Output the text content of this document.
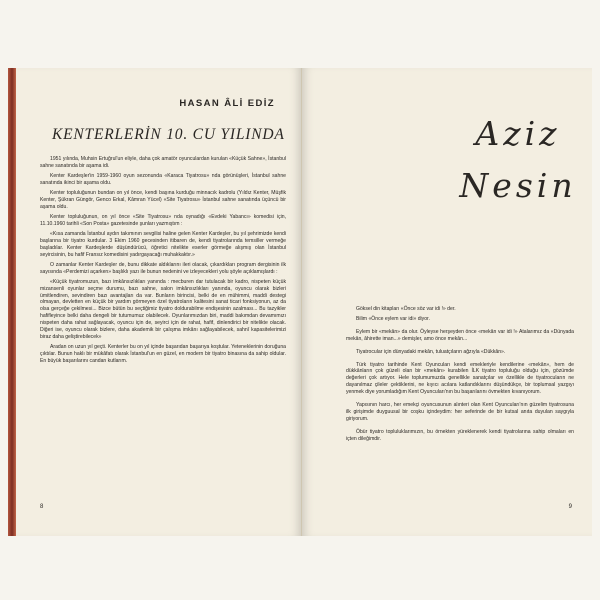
HASAN ÂLİ EDİZ
KENTERLERİN 10. CU YILINDA

1951 yılında, Muhsin Ertuğrul'un eliyle, daha çok amatör oyunculardan kurulan «Küçük Sahne», İstanbul sahne sanatında bir aşama idi.

Kenter Kardeşler'in 1959-1960 oyun sezonunda «Karaca Tiyatrosu» nda görünüşleri, İstanbul sahne sanatında ikinci bir aşama oldu.

Kenter topluluğunun bundan on yıl önce, kendi başına kurduğu minnacık kadrolu (Yıldız Kenter, Müşfik Kenter, Şükran Güngör, Genco Erkal, Kâmran Yücel) «Site Tiyatrosu» İstanbul sahne sanatında üçüncü bir aşama oldu.

Kenter topluluğunun, on yıl önce «Site Tiyatrosu» nda oynadığı «Evdeki Yabancı» komedisi için, 11.10.1960 tarihli «Son Posta» gazetesinde şunları yazmıştım :

«Kısa zamanda İstanbul aydın takımının sevgilisi haline gelen Kenter Kardeşler, bu yıl şehrimizde kendi başlarına bir tiyatro kurdular. 3 Ekim 1960 gecesinden itibaren de, kendi tiyatrolarında temsiller vermeğe başladılar. Kenter Kardeşlerde düşündürücü, öğretici nitelikte eserler görmeğe alışmış olan İstanbul seyircisinin, bu hafif Fransız komedisini yadırgayacağı muhakkaktır.»

O zamanlar Kenter Kardeşler de, bunu dikkate aldıklarını ileri olacak, çıkardıkları program dergisinin ilk sayısında «Perdemizi açarken» başlıklı yazı ile bunun nedenini ve izleyecekleri yolu şöyle açıklamışlardı :

«Küçük tiyatromuzun, bazı imkânsızlıkları yanında : mecburen dar tutulacak bir kadro, nispeten küçük mizansenli oyunlar seçme durumu, bazı sahne, salon imkânsızlıkları yanında, oyuncu olarak bizleri ümitlendiren, sevindiren bazı avantajları da var. Bunların birincisi, belki de en mühimmi, maddi destegi olmayan, devletten en küçük bir yardım görmeyen özel tiyatroların kalitesini sanat ticari fonksiyonun, az da olsa gerçeğe çekilmesi... Bizce bütün bu seçtiğimiz tiyatro doldurabilme endişesinin azalması... Bu tazyikler hafifleyince belki daha dengeli bir tutumumuz olabilecek. Oyunlarımızdan biri, maddi bakımdan devamımızı nispeten daha rahat sağlayacak, oyuncu için de, seyirci için de rahat, hafif, dinlendirici bir nitelikte olacak. Diğeri ise, oyuncu olarak bizlere, daha akademik bir çalışma imkânı sağlayabilecek, sahnî kapasitelerimizi biraz daha geliştirebilecek»

Aradan on uzun yıl geçti. Kenterler bu on yıl içinde başarıdan başarıya koştular. Yeteneklerinin doruğuna çıktılar. Bunun haklı bir mükâfatı olarak İstanbul'un en güzel, en modern bir tiyatro binasına da sahip oldular. En büyük başarılarını candan kutlarım.

8
Aziz
Nesin

Göksel din kitapları «Önce söz var idi !» der.

Bilim «Önce eylem var idi» diyor.

Eylem bir «mekân» da olur. Öyleyse herşeyden önce «mekân var idi !» Atalarımız da «Dünyada mekân, âhirette iman...» demişler, amo önce mekân...

Tiyatrocular için dünyadaki mekân, tuluatçıların ağzıyla «Dükkân».

Türk tiyatro tarihinde Kent Oyuncuları kendi emekleriyle kendilerine «mekân», hem de dükkânların çok güzeli olan bir «mekân» kurabilen İLK tiyatro topluluğu olduğu için, gözümde değerleri çok artıyor. Hele toplumumuzda genellikle sanatçılar ve özellikle de tiyatrocuların ne dayanılmaz çileler çektiklerini, ne kıyıcı acılara katlandıklarını düşündükçe, bir toplumsal yazgıyı yenmek diye yorumladığım Kent Oyuncuları'nın bu başarılarını övmekten kıvanıyorum.

Yapısının harcı, her emekçi oyuncusunun alınteri olan Kent Oyuncuları'nın güzelim tiyatrosuna ilk girişimde duyguusal bir coşku içindeydim: her seferinde de bir kutsal anıta duyulan saygıyla giriyorum.

Öbür tiyatro topluluklarımızın, bu örnekten yüreklenerek kendi tiyatrolarına sahip olmaları en içten dileğimdir.

9
